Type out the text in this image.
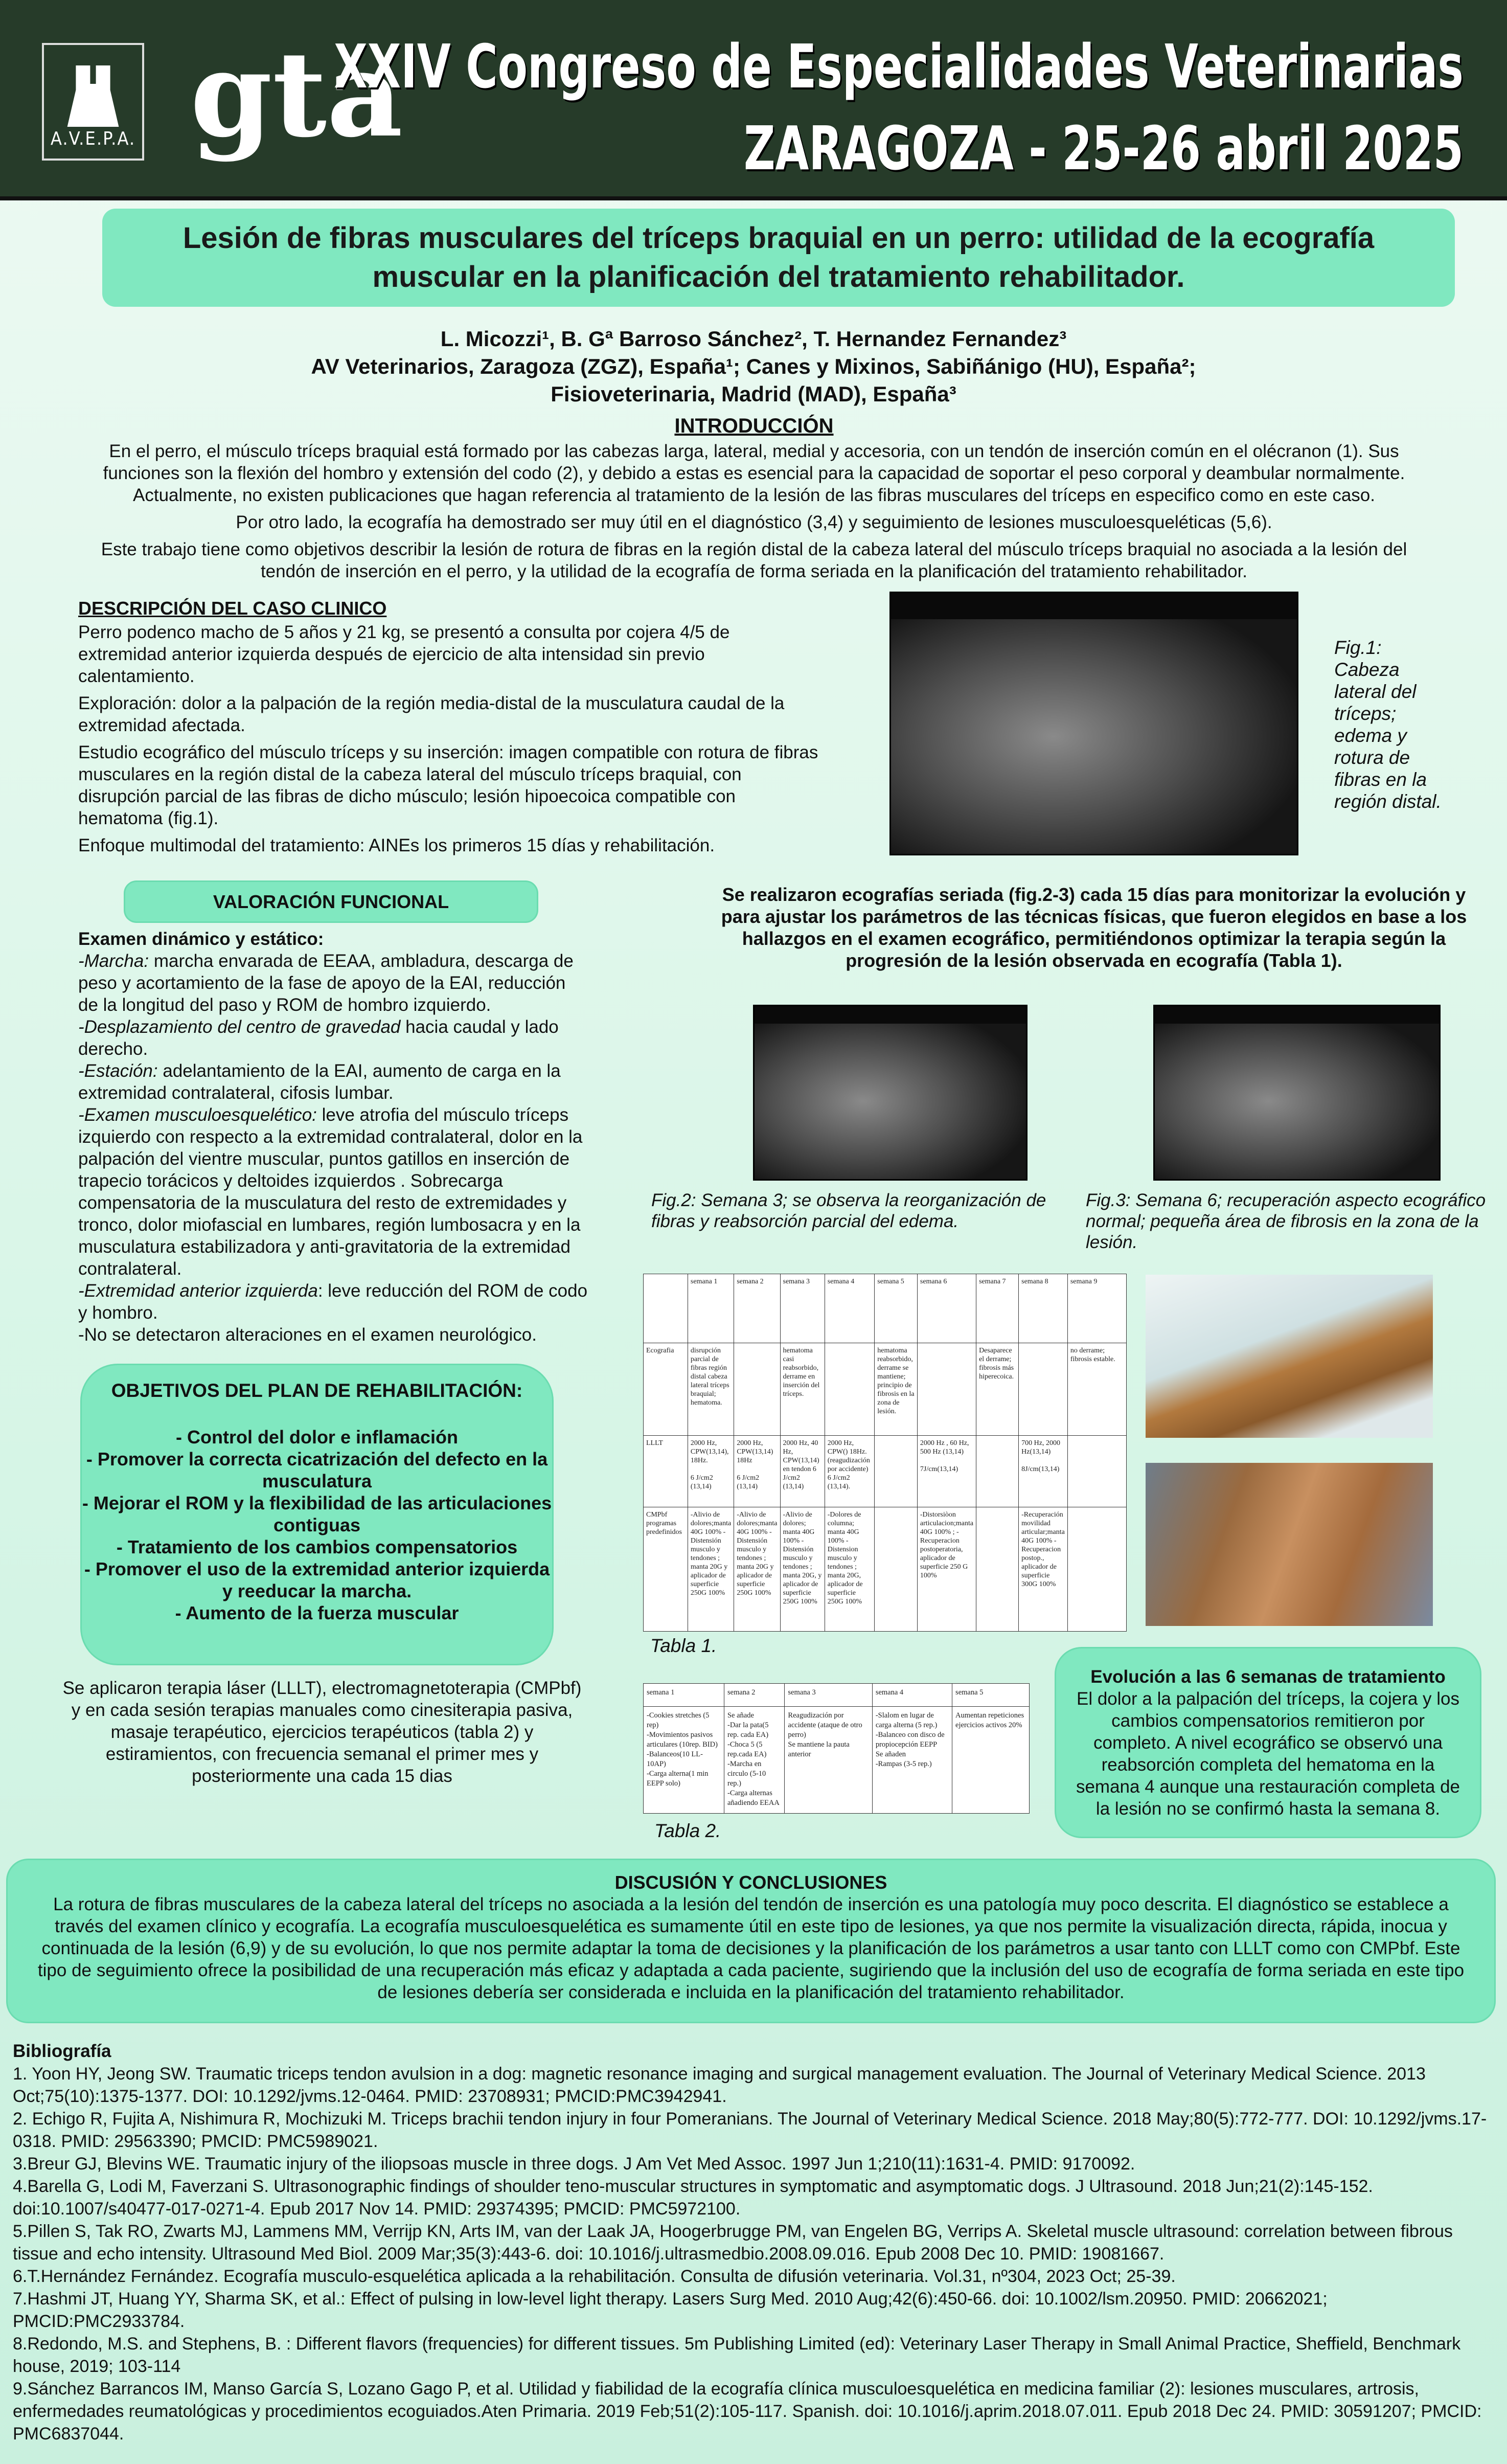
A.V.E.P.A. gta
XXIV Congreso de Especialidades Veterinarias
ZARAGOZA - 25-26 abril 2025
Lesión de fibras musculares del tríceps braquial en un perro: utilidad de la ecografía muscular en la planificación del tratamiento rehabilitador.
L. Micozzi¹, B. Gª Barroso Sánchez², T. Hernandez Fernandez³
AV Veterinarios, Zaragoza (ZGZ), España¹; Canes y Mixinos, Sabiñánigo (HU), España²;
Fisioveterinaria, Madrid (MAD), España³
INTRODUCCIÓN

En el perro, el músculo tríceps braquial está formado por las cabezas larga, lateral, medial y accesoria, con un tendón de inserción común en el olécranon (1). Sus funciones son la flexión del hombro y extensión del codo (2), y debido a estas es esencial para la capacidad de soportar el peso corporal y deambular normalmente. Actualmente, no existen publicaciones que hagan referencia al tratamiento de la lesión de las fibras musculares del tríceps en especifico como en este caso.

Por otro lado, la ecografía ha demostrado ser muy útil en el diagnóstico (3,4) y seguimiento de lesiones musculoesqueléticas (5,6).

Este trabajo tiene como objetivos describir la lesión de rotura de fibras en la región distal de la cabeza lateral del músculo tríceps braquial no asociada a la lesión del tendón de inserción en el perro, y la utilidad de la ecografía de forma seriada en la planificación del tratamiento rehabilitador.

DESCRIPCIÓN DEL CASO CLINICO

Perro podenco macho de 5 años y 21 kg, se presentó a consulta por cojera 4/5 de extremidad anterior izquierda después de ejercicio de alta intensidad sin previo calentamiento.

Exploración: dolor a la palpación de la región media-distal de la musculatura caudal de la extremidad afectada.

Estudio ecográfico del músculo tríceps y su inserción: imagen compatible con rotura de fibras musculares en la región distal de la cabeza lateral del músculo tríceps braquial, con disrupción parcial de las fibras de dicho músculo; lesión hipoecoica compatible con hematoma (fig.1).

Enfoque multimodal del tratamiento: AINEs los primeros 15 días y rehabilitación.

Fig.1: Cabeza lateral del tríceps; edema y rotura de fibras en la región distal.
VALORACIÓN FUNCIONAL
Examen dinámico y estático:
-Marcha: marcha envarada de EEAA, ambladura, descarga de peso y acortamiento de la fase de apoyo de la EAI, reducción de la longitud del paso y ROM de hombro izquierdo.
-Desplazamiento del centro de gravedad hacia caudal y lado derecho.
-Estación: adelantamiento de la EAI, aumento de carga en la extremidad contralateral, cifosis lumbar.
-Examen musculoesquelético: leve atrofia del músculo tríceps izquierdo con respecto a la extremidad contralateral, dolor en la palpación del vientre muscular, puntos gatillos en inserción de trapecio torácicos y deltoides izquierdos . Sobrecarga compensatoria de la musculatura del resto de extremidades y tronco, dolor miofascial en lumbares, región lumbosacra y en la musculatura estabilizadora y anti-gravitatoria de la extremidad contralateral.
-Extremidad anterior izquierda: leve reducción del ROM de codo y hombro.
-No se detectaron alteraciones en el examen neurológico.
OBJETIVOS DEL PLAN DE REHABILITACIÓN:
- Control del dolor e inflamación
- Promover la correcta cicatrización del defecto en la musculatura
- Mejorar el ROM y la flexibilidad de las articulaciones contiguas
- Tratamiento de los cambios compensatorios
- Promover el uso de la extremidad anterior izquierda y reeducar la marcha.
- Aumento de la fuerza muscular
Se aplicaron terapia láser (LLLT), electromagnetoterapia (CMPbf) y en cada sesión terapias manuales como cinesiterapia pasiva, masaje terapéutico, ejercicios terapéuticos (tabla 2) y estiramientos, con frecuencia semanal el primer mes y posteriormente una cada 15 dias
Se realizaron ecografías seriada (fig.2-3) cada 15 días para monitorizar la evolución y para ajustar los parámetros de las técnicas físicas, que fueron elegidos en base a los hallazgos en el examen ecográfico, permitiéndonos optimizar la terapia según la progresión de la lesión observada en ecografía (Tabla 1).
Fig.2: Semana 3; se observa la reorganización de fibras y reabsorción parcial del edema.
Fig.3: Semana 6; recuperación aspecto ecográfico normal; pequeña área de fibrosis en la zona de la lesión.
	semana 1	semana 2	semana 3	semana 4	semana 5	semana 6	semana 7	semana 8	semana 9
Ecografia	disrupción parcial de fibras región distal cabeza lateral tríceps braquial; hematoma.		hematoma casi reabsorbido, derrame en inserción del tríceps.		hematoma reabsorbido, derrame se mantiene; principio de fibrosis en la zona de lesión.		Desaparece el derrame; fibrosis más hiperecoica.		no derrame; fibrosis estable.
LLLT	2000 Hz, CPW(13,14), 18Hz.

6 J/cm2 (13,14)	2000 Hz, CPW(13,14) 18Hz

6 J/cm2 (13,14)	2000 Hz, 40 Hz, CPW(13,14) en tendon 6 J/cm2 (13,14)	2000 Hz, CPW() 18Hz. (reagudización por accidente) 6 J/cm2 (13,14).		2000 Hz , 60 Hz, 500 Hz (13,14)

7J/cm(13,14)		700 Hz, 2000 Hz(13,14)

8J/cm(13,14)	
CMPbf programas predefinidos	-Alivio de dolores;manta 40G 100% -Distensión musculo y tendones ; manta 20G y aplicador de superficie 250G 100%	-Alivio de dolores;manta 40G 100% -Distensión musculo y tendones ; manta 20G y aplicador de superficie 250G 100%	-Alivio de dolores; manta 40G 100% -Distensión musculo y tendones ; manta 20G, y aplicador de superficie 250G 100%	-Dolores de columna; manta 40G 100% -Distension musculo y tendones ; manta 20G, aplicador de superficie 250G 100%		-Distorsiòon articulacion;manta 40G 100% ; -Recuperacion postoperatoria, aplicador de superficie 250 G 100%		-Recuperación movilidad articular;manta 40G 100% -Recuperacion postop., aplicador de superficie 300G 100%	
Tabla 1.
semana 1	semana 2	semana 3	semana 4	semana 5
-Cookies stretches (5 rep)
-Movimientos pasivos articulares (10rep. BID)
-Balanceos(10 LL-10AP)
-Carga alterna(1 min EEPP solo)	Se añade
-Dar la pata(5 rep. cada EA)
-Choca 5 (5 rep.cada EA)
-Marcha en circulo (5-10 rep.)
-Carga alternas añadiendo EEAA	Reagudización por accidente (ataque de otro perro)
Se mantiene la pauta anterior	-Slalom en lugar de carga alterna (5 rep.)
-Balanceo con disco de propiocepción EEPP
Se añaden
-Rampas (3-5 rep.)	Aumentan repeticiones ejercicios activos 20%
Tabla 2.
Evolución a las 6 semanas de tratamiento
El dolor a la palpación del tríceps, la cojera y los cambios compensatorios remitieron por completo. A nivel ecográfico se observó una reabsorción completa del hematoma en la semana 4 aunque una restauración completa de la lesión no se confirmó hasta la semana 8.
DISCUSIÓN Y CONCLUSIONES
La rotura de fibras musculares de la cabeza lateral del tríceps no asociada a la lesión del tendón de inserción es una patología muy poco descrita. El diagnóstico se establece a través del examen clínico y ecografía. La ecografía musculoesquelética es sumamente útil en este tipo de lesiones, ya que nos permite la visualización directa, rápida, inocua y continuada de la lesión (6,9) y de su evolución, lo que nos permite adaptar la toma de decisiones y la planificación de los parámetros a usar tanto con LLLT como con CMPbf. Este tipo de seguimiento ofrece la posibilidad de una recuperación más eficaz y adaptada a cada paciente, sugiriendo que la inclusión del uso de ecografía de forma seriada en este tipo de lesiones debería ser considerada e incluida en la planificación del tratamiento rehabilitador.
Bibliografía
1. Yoon HY, Jeong SW. Traumatic triceps tendon avulsion in a dog: magnetic resonance imaging and surgical management evaluation. The Journal of Veterinary Medical Science. 2013 Oct;75(10):1375-1377. DOI: 10.1292/jvms.12-0464. PMID: 23708931; PMCID:PMC3942941.
2. Echigo R, Fujita A, Nishimura R, Mochizuki M. Triceps brachii tendon injury in four Pomeranians. The Journal of Veterinary Medical Science. 2018 May;80(5):772-777. DOI: 10.1292/jvms.17-0318. PMID: 29563390; PMCID: PMC5989021.
3.Breur GJ, Blevins WE. Traumatic injury of the iliopsoas muscle in three dogs. J Am Vet Med Assoc. 1997 Jun 1;210(11):1631-4. PMID: 9170092.
4.Barella G, Lodi M, Faverzani S. Ultrasonographic findings of shoulder teno-muscular structures in symptomatic and asymptomatic dogs. J Ultrasound. 2018 Jun;21(2):145-152. doi:10.1007/s40477-017-0271-4. Epub 2017 Nov 14. PMID: 29374395; PMCID: PMC5972100.
5.Pillen S, Tak RO, Zwarts MJ, Lammens MM, Verrijp KN, Arts IM, van der Laak JA, Hoogerbrugge PM, van Engelen BG, Verrips A. Skeletal muscle ultrasound: correlation between fibrous tissue and echo intensity. Ultrasound Med Biol. 2009 Mar;35(3):443-6. doi: 10.1016/j.ultrasmedbio.2008.09.016. Epub 2008 Dec 10. PMID: 19081667.
6.T.Hernández Fernández. Ecografía musculo-esquelética aplicada a la rehabilitación. Consulta de difusión veterinaria. Vol.31, nº304, 2023 Oct; 25-39.
7.Hashmi JT, Huang YY, Sharma SK, et al.: Effect of pulsing in low-level light therapy. Lasers Surg Med. 2010 Aug;42(6):450-66. doi: 10.1002/lsm.20950. PMID: 20662021; PMCID:PMC2933784.
8.Redondo, M.S. and Stephens, B. : Different flavors (frequencies) for different tissues. 5m Publishing Limited (ed): Veterinary Laser Therapy in Small Animal Practice, Sheffield, Benchmark house, 2019; 103-114
9.Sánchez Barrancos IM, Manso García S, Lozano Gago P, et al. Utilidad y fiabilidad de la ecografía clínica musculoesquelética en medicina familiar (2): lesiones musculares, artrosis, enfermedades reumatológicas y procedimientos ecoguiados.Aten Primaria. 2019 Feb;51(2):105-117. Spanish. doi: 10.1016/j.aprim.2018.07.011. Epub 2018 Dec 24. PMID: 30591207; PMCID: PMC6837044.
